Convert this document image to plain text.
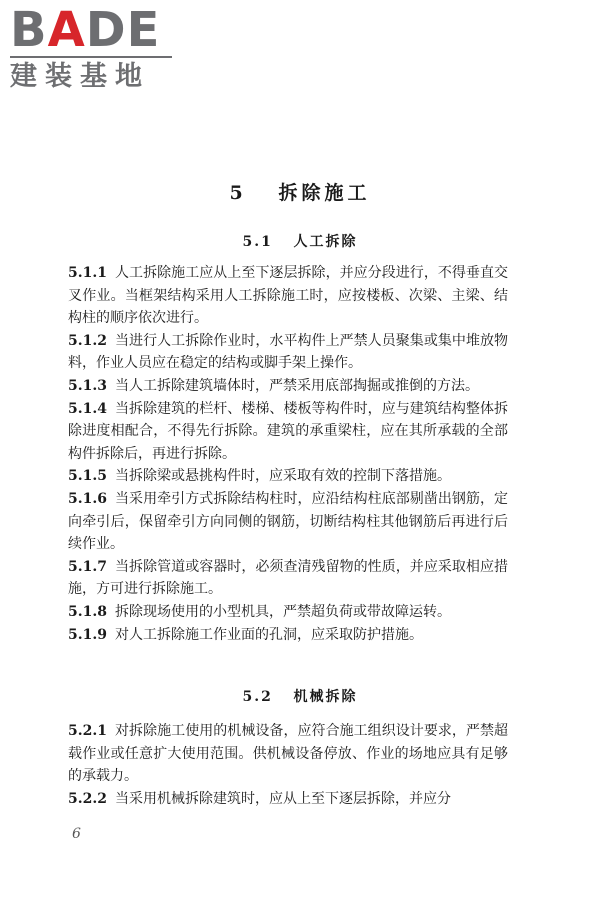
BADE
建装基地
5 拆除施工
5.1 人工拆除

5.1.1 人工拆除施工应从上至下逐层拆除，并应分段进行，不得垂直交叉作业。当框架结构采用人工拆除施工时，应按楼板、次梁、主梁、结构柱的顺序依次进行。

5.1.2 当进行人工拆除作业时，水平构件上严禁人员聚集或集中堆放物料，作业人员应在稳定的结构或脚手架上操作。

5.1.3 当人工拆除建筑墙体时，严禁采用底部掏掘或推倒的方法。

5.1.4 当拆除建筑的栏杆、楼梯、楼板等构件时，应与建筑结构整体拆除进度相配合，不得先行拆除。建筑的承重梁柱，应在其所承载的全部构件拆除后，再进行拆除。

5.1.5 当拆除梁或悬挑构件时，应采取有效的控制下落措施。

5.1.6 当采用牵引方式拆除结构柱时，应沿结构柱底部剔凿出钢筋，定向牵引后，保留牵引方向同侧的钢筋，切断结构柱其他钢筋后再进行后续作业。

5.1.7 当拆除管道或容器时，必须查清残留物的性质，并应采取相应措施，方可进行拆除施工。

5.1.8 拆除现场使用的小型机具，严禁超负荷或带故障运转。

5.1.9 对人工拆除施工作业面的孔洞，应采取防护措施。

5.2 机械拆除

5.2.1 对拆除施工使用的机械设备，应符合施工组织设计要求，严禁超载作业或任意扩大使用范围。供机械设备停放、作业的场地应具有足够的承载力。

5.2.2 当采用机械拆除建筑时，应从上至下逐层拆除，并应分

6
